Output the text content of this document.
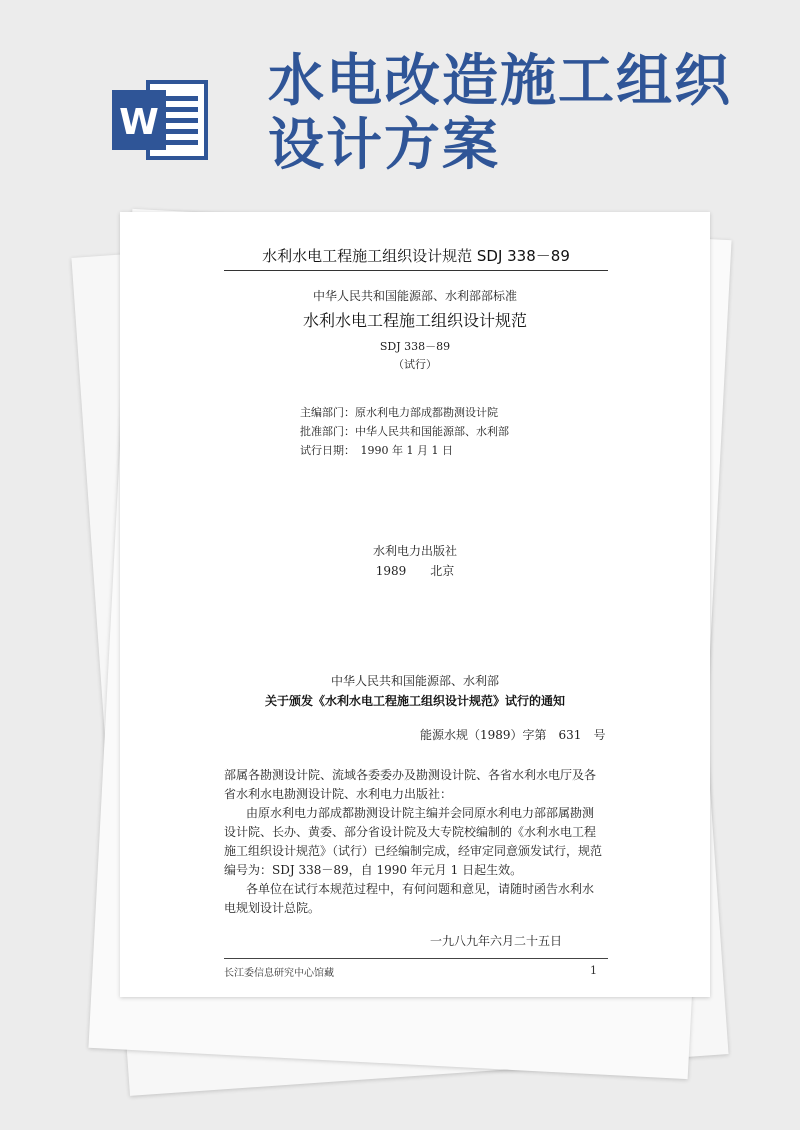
W
水电改造施工组织设计方案
水利水电工程施工组织设计规范 SDJ 338－89
中华人民共和国能源部、水利部部标准
水利水电工程施工组织设计规范
SDJ 338－89
（试行）
主编部门：原水利电力部成都勘测设计院
批准部门：中华人民共和国能源部、水利部
试行日期：　1990 年 1 月 1 日
水利电力出版社
1989　　北京
中华人民共和国能源部、水利部
关于颁发《水利水电工程施工组织设计规范》试行的通知
能源水规（1989）字第　631　号
部属各勘测设计院、流域各委委办及勘测设计院、各省水利水电厅及各
省水利水电勘测设计院、水利电力出版社：
由原水利电力部成都勘测设计院主编并会同原水利电力部部属勘测
设计院、长办、黄委、部分省设计院及大专院校编制的《水利水电工程
施工组织设计规范》（试行）已经编制完成，经审定同意颁发试行，规范
编号为：SDJ 338－89，自 1990 年元月 1 日起生效。
各单位在试行本规范过程中，有何问题和意见，请随时函告水利水
电规划设计总院。
一九八九年六月二十五日
长江委信息研究中心馆藏	1
